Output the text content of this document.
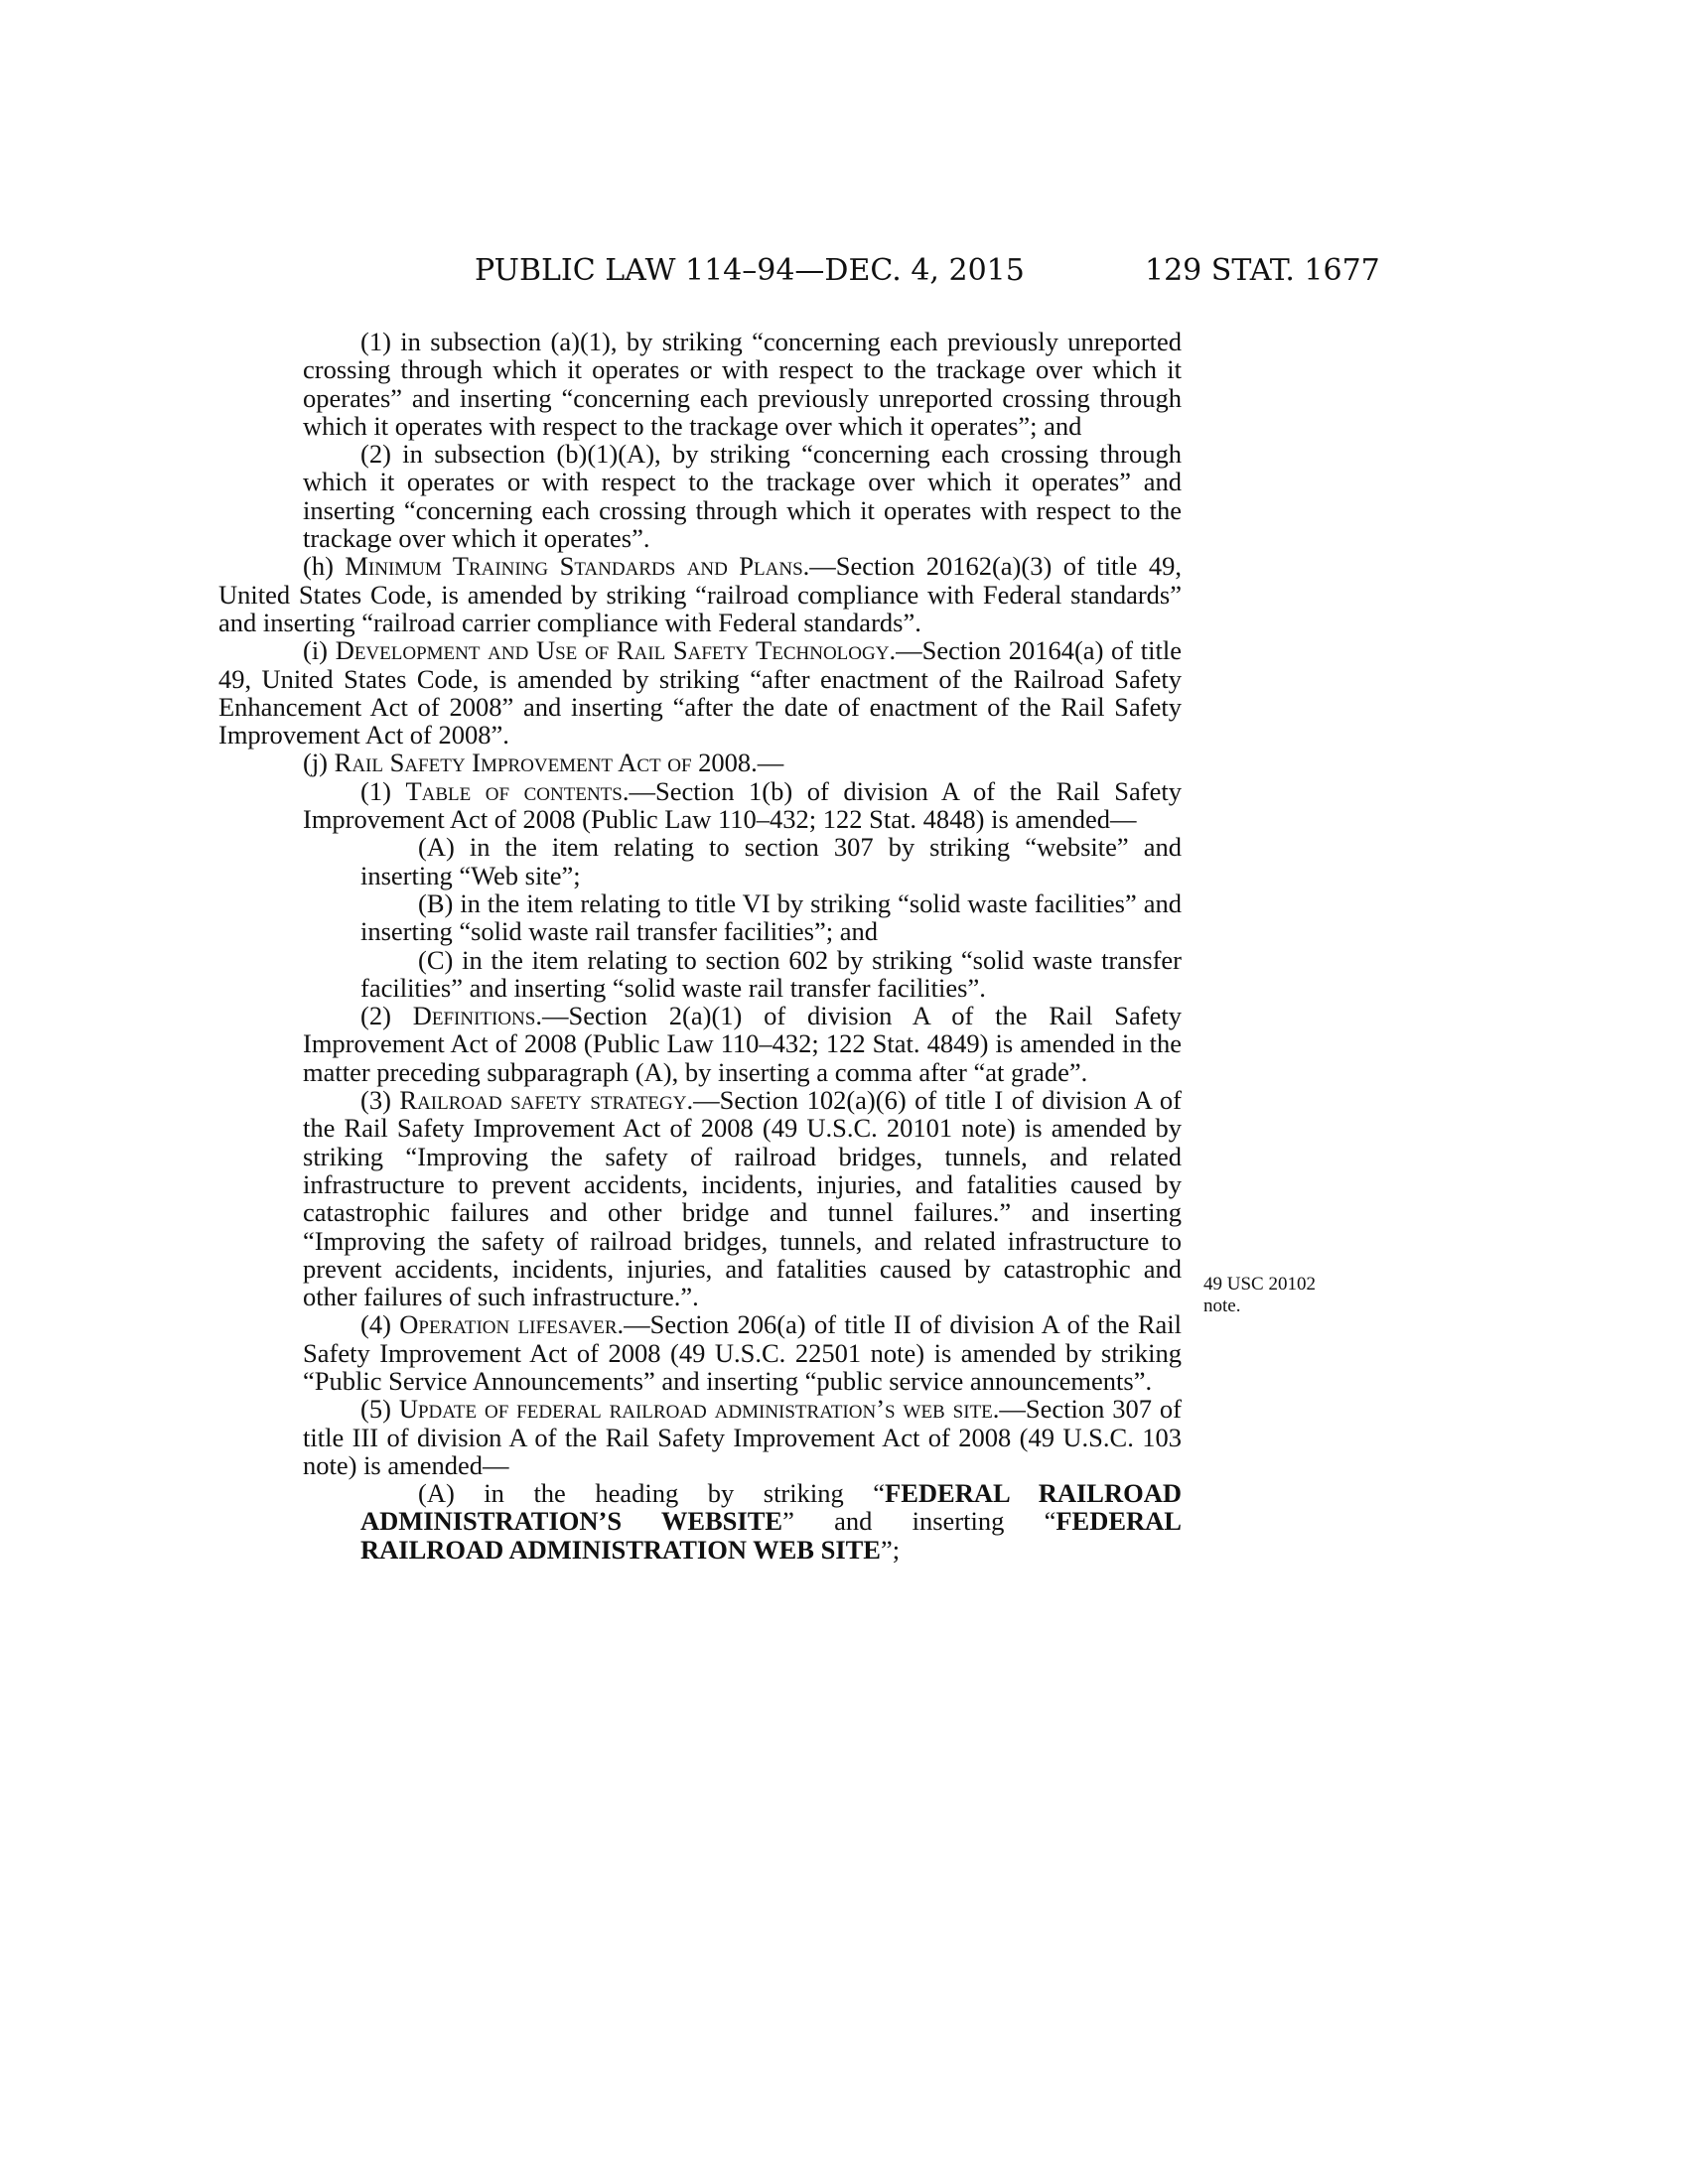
PUBLIC LAW 114–94—DEC. 4, 2015	129 STAT. 1677

(1) in subsection (a)(1), by striking “concerning each previously unreported crossing through which it operates or with respect to the trackage over which it operates” and inserting “concerning each previously unreported crossing through which it operates with respect to the trackage over which it operates”; and

(2) in subsection (b)(1)(A), by striking “concerning each crossing through which it operates or with respect to the trackage over which it operates” and inserting “concerning each crossing through which it operates with respect to the trackage over which it operates”.

(h) Minimum Training Standards and Plans.—Section 20162(a)(3) of title 49, United States Code, is amended by striking “railroad compliance with Federal standards” and inserting “railroad carrier compliance with Federal standards”.

(i) Development and Use of Rail Safety Technology.—Section 20164(a) of title 49, United States Code, is amended by striking “after enactment of the Railroad Safety Enhancement Act of 2008” and inserting “after the date of enactment of the Rail Safety Improvement Act of 2008”.

(j) Rail Safety Improvement Act of 2008.—

(1) Table of contents.—Section 1(b) of division A of the Rail Safety Improvement Act of 2008 (Public Law 110–432; 122 Stat. 4848) is amended—

(A) in the item relating to section 307 by striking “website” and inserting “Web site”;

(B) in the item relating to title VI by striking “solid waste facilities” and inserting “solid waste rail transfer facilities”; and

(C) in the item relating to section 602 by striking “solid waste transfer facilities” and inserting “solid waste rail transfer facilities”.

(2) Definitions.—Section 2(a)(1) of division A of the Rail Safety Improvement Act of 2008 (Public Law 110–432; 122 Stat. 4849) is amended in the matter preceding subparagraph (A), by inserting a comma after “at grade”.

(3) Railroad safety strategy.—Section 102(a)(6) of title I of division A of the Rail Safety Improvement Act of 2008 (49 U.S.C. 20101 note) is amended by striking “Improving the safety of railroad bridges, tunnels, and related infrastructure to prevent accidents, incidents, injuries, and fatalities caused by catastrophic failures and other bridge and tunnel failures.” and inserting “Improving the safety of railroad bridges, tunnels, and related infrastructure to prevent accidents, incidents, injuries, and fatalities caused by catastrophic and other failures of such infrastructure.”.

(4) Operation lifesaver.—Section 206(a) of title II of division A of the Rail Safety Improvement Act of 2008 (49 U.S.C. 22501 note) is amended by striking “Public Service Announcements” and inserting “public service announcements”.

(5) Update of federal railroad administration’s web site.—Section 307 of title III of division A of the Rail Safety Improvement Act of 2008 (49 U.S.C. 103 note) is amended—

(A) in the heading by striking “FEDERAL RAILROAD ADMINISTRATION’S WEBSITE” and inserting “FEDERAL RAILROAD ADMINISTRATION WEB SITE”;

49 USC 20102
note.
